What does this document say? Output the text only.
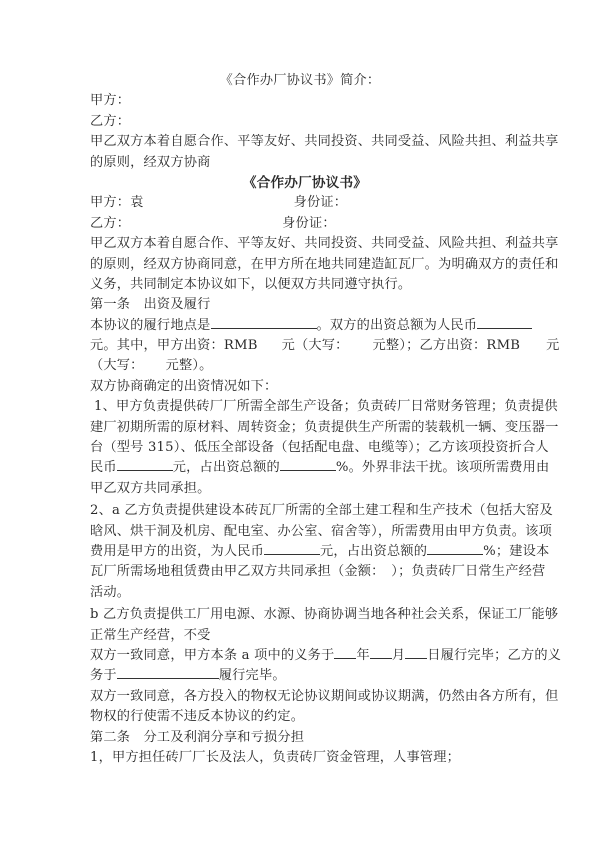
《合作办厂协议书》简介：
甲方：
乙方：
甲乙双方本着自愿合作、平等友好、共同投资、共同受益、风险共担、利益共享
的原则，经双方协商
《合作办厂协议书》
甲方：袁	身份证：
乙方：	身份证：
甲乙双方本着自愿合作、平等友好、共同投资、共同受益、风险共担、利益共享
的原则，经双方协商同意，在甲方所在地共同建造缸瓦厂。为明确双方的责任和
义务，共同制定本协议如下，以便双方共同遵守执行。
第一条　出资及履行
本协议的履行地点是	。双方的出资总额为人民币
元。其中，甲方出资：RMB 元（大写： 元整）；乙方出资：RMB 元
（大写： 元整）。
双方协商确定的出资情况如下：
1、甲方负责提供砖厂厂所需全部生产设备；负责砖厂日常财务管理；负责提供
建厂初期所需的原材料、周转资金；负责提供生产所需的装载机一辆、变压器一
台（型号 315）、低压全部设备（包括配电盘、电缆等）；乙方该项投资折合人
民币	元，占出资总额的	%。外界非法干扰。该项所需费用由
甲乙双方共同承担。
2、a 乙方负责提供建设本砖瓦厂所需的全部土建工程和生产技术（包括大窑及
晗风、烘干洞及机房、配电室、办公室、宿舍等），所需费用由甲方负责。该项
费用是甲方的出资，为人民币	元，占出资总额的	%；建设本
瓦厂所需场地租赁费由甲乙双方共同承担（金额：　）；负责砖厂日常生产经营
活动。
b 乙方负责提供工厂用电源、水源、协商协调当地各种社会关系，保证工厂能够
正常生产经营，不受
双方一致同意，甲方本条 a 项中的义务于 年 月 日履行完毕；乙方的义
务于	履行完毕。
双方一致同意，各方投入的物权无论协议期间或协议期满，仍然由各方所有，但
物权的行使需不违反本协议的约定。
第二条　分工及利润分享和亏损分担
1，甲方担任砖厂厂长及法人，负责砖厂资金管理，人事管理；
